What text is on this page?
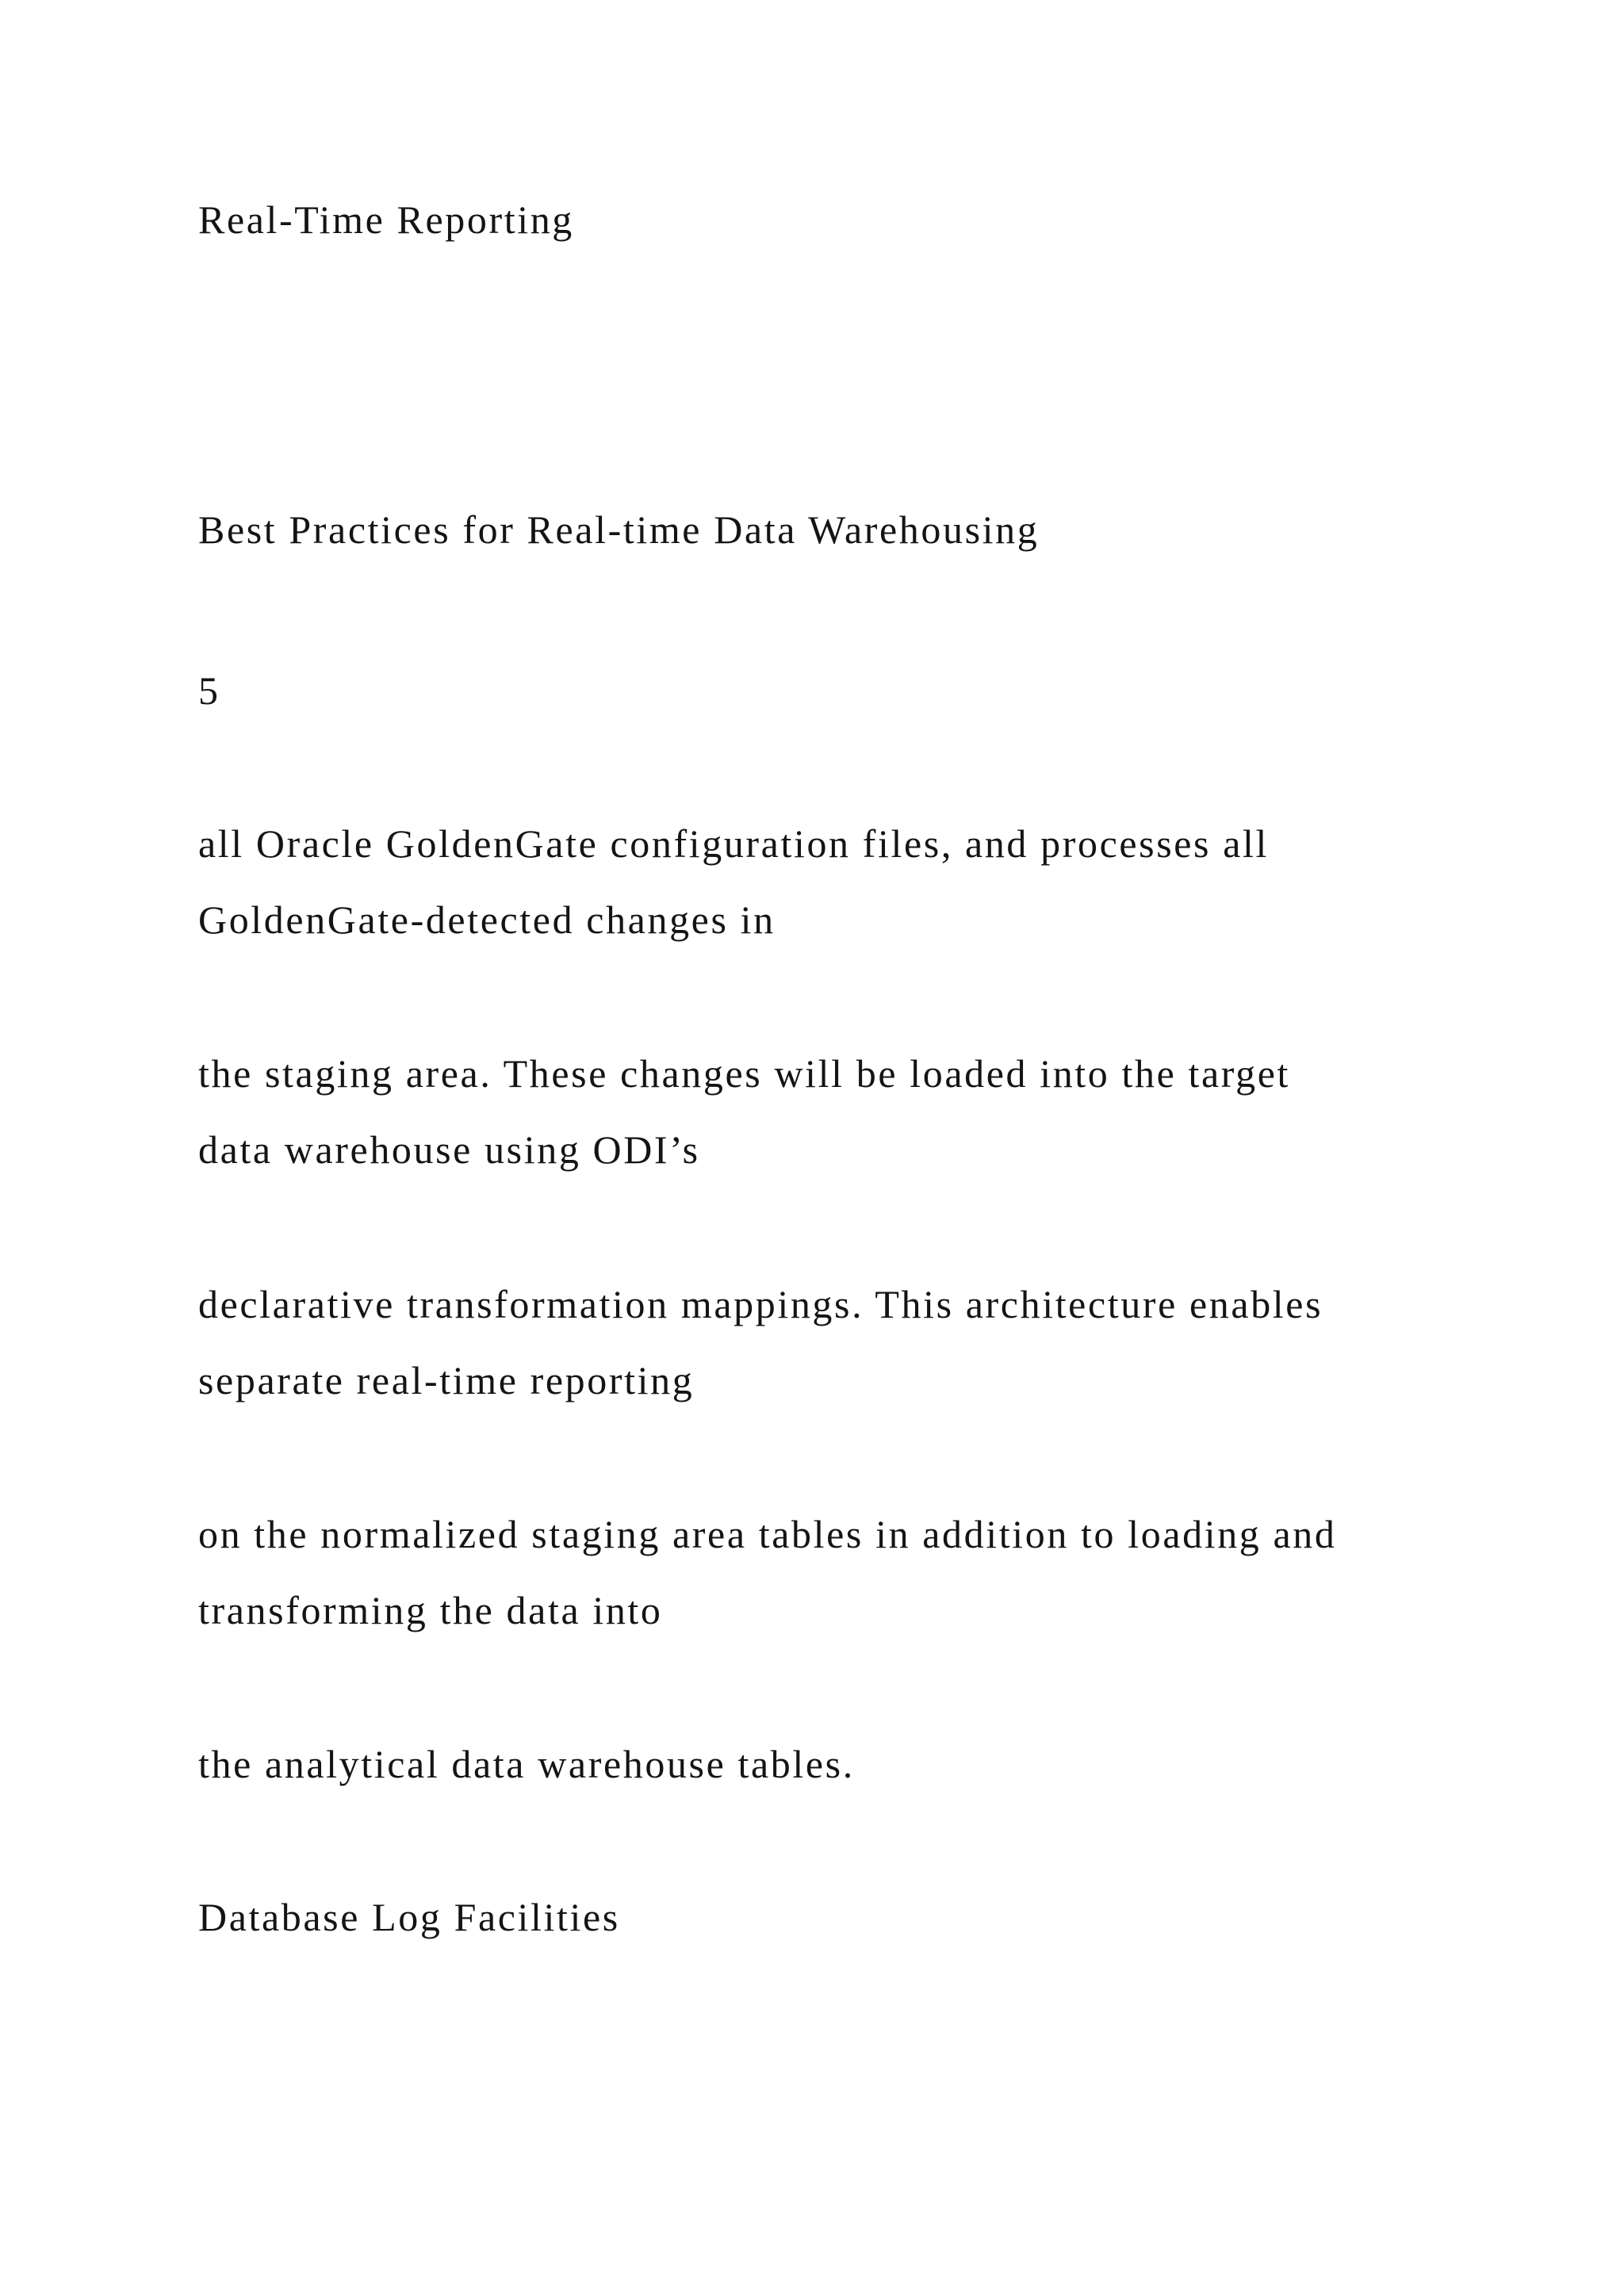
Real-Time Reporting
Best Practices for Real-time Data Warehousing
5
all Oracle GoldenGate configuration files, and processes all
GoldenGate-detected changes in
the staging area. These changes will be loaded into the target
data warehouse using ODI’s
declarative transformation mappings. This architecture enables
separate real-time reporting
on the normalized staging area tables in addition to loading and
transforming the data into
the analytical data warehouse tables.
Database Log Facilities
